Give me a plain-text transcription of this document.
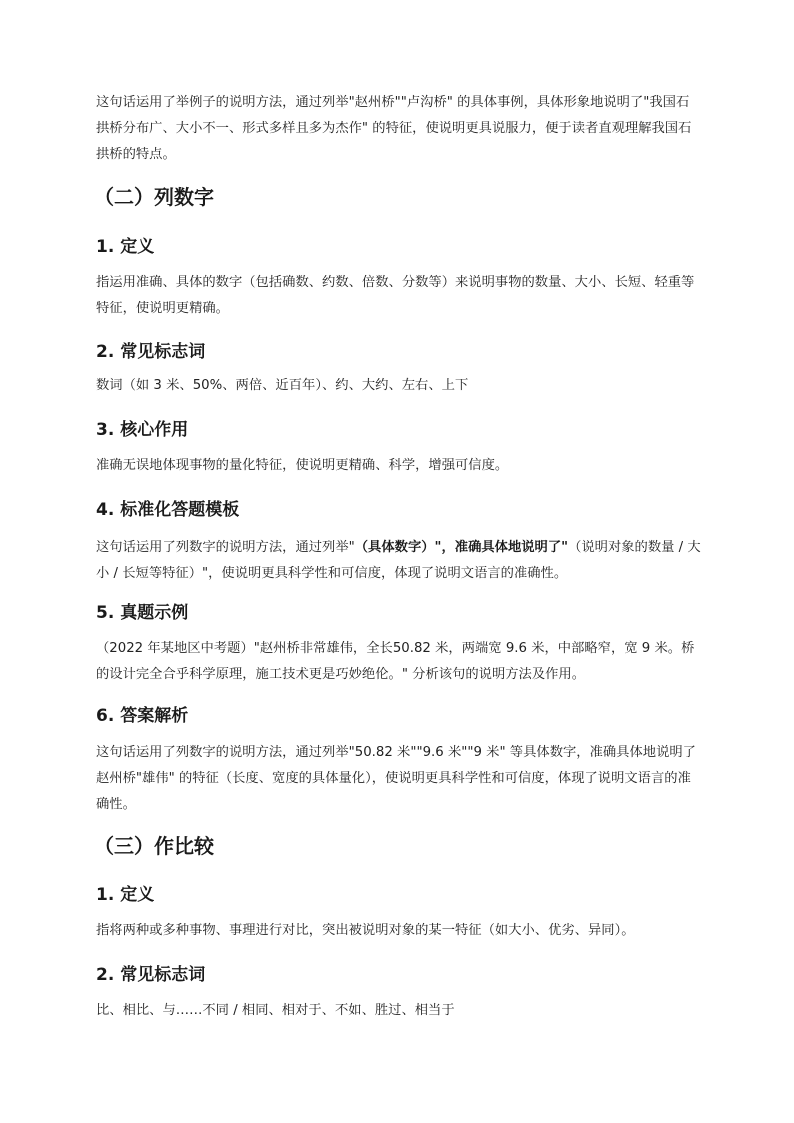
这句话运用了举例子的说明方法，通过列举"赵州桥""卢沟桥" 的具体事例，具体形象地说明了"我国石拱桥分布广、大小不一、形式多样且多为杰作" 的特征，使说明更具说服力，便于读者直观理解我国石拱桥的特点。

（二）列数字
1. 定义

指运用准确、具体的数字（包括确数、约数、倍数、分数等）来说明事物的数量、大小、长短、轻重等特征，使说明更精确。

2. 常见标志词

数词（如 3 米、50%、两倍、近百年）、约、大约、左右、上下

3. 核心作用

准确无误地体现事物的量化特征，使说明更精确、科学，增强可信度。

4. 标准化答题模板

这句话运用了列数字的说明方法，通过列举"（具体数字）"，准确具体地说明了"（说明对象的数量 / 大小 / 长短等特征）"，使说明更具科学性和可信度，体现了说明文语言的准确性。

5. 真题示例

（2022 年某地区中考题）"赵州桥非常雄伟，全长50.82 米，两端宽 9.6 米，中部略窄，宽 9 米。桥的设计完全合乎科学原理，施工技术更是巧妙绝伦。" 分析该句的说明方法及作用。

6. 答案解析

这句话运用了列数字的说明方法，通过列举"50.82 米""9.6 米""9 米" 等具体数字，准确具体地说明了赵州桥"雄伟" 的特征（长度、宽度的具体量化），使说明更具科学性和可信度，体现了说明文语言的准确性。

（三）作比较
1. 定义

指将两种或多种事物、事理进行对比，突出被说明对象的某一特征（如大小、优劣、异同）。

2. 常见标志词

比、相比、与……不同 / 相同、相对于、不如、胜过、相当于
